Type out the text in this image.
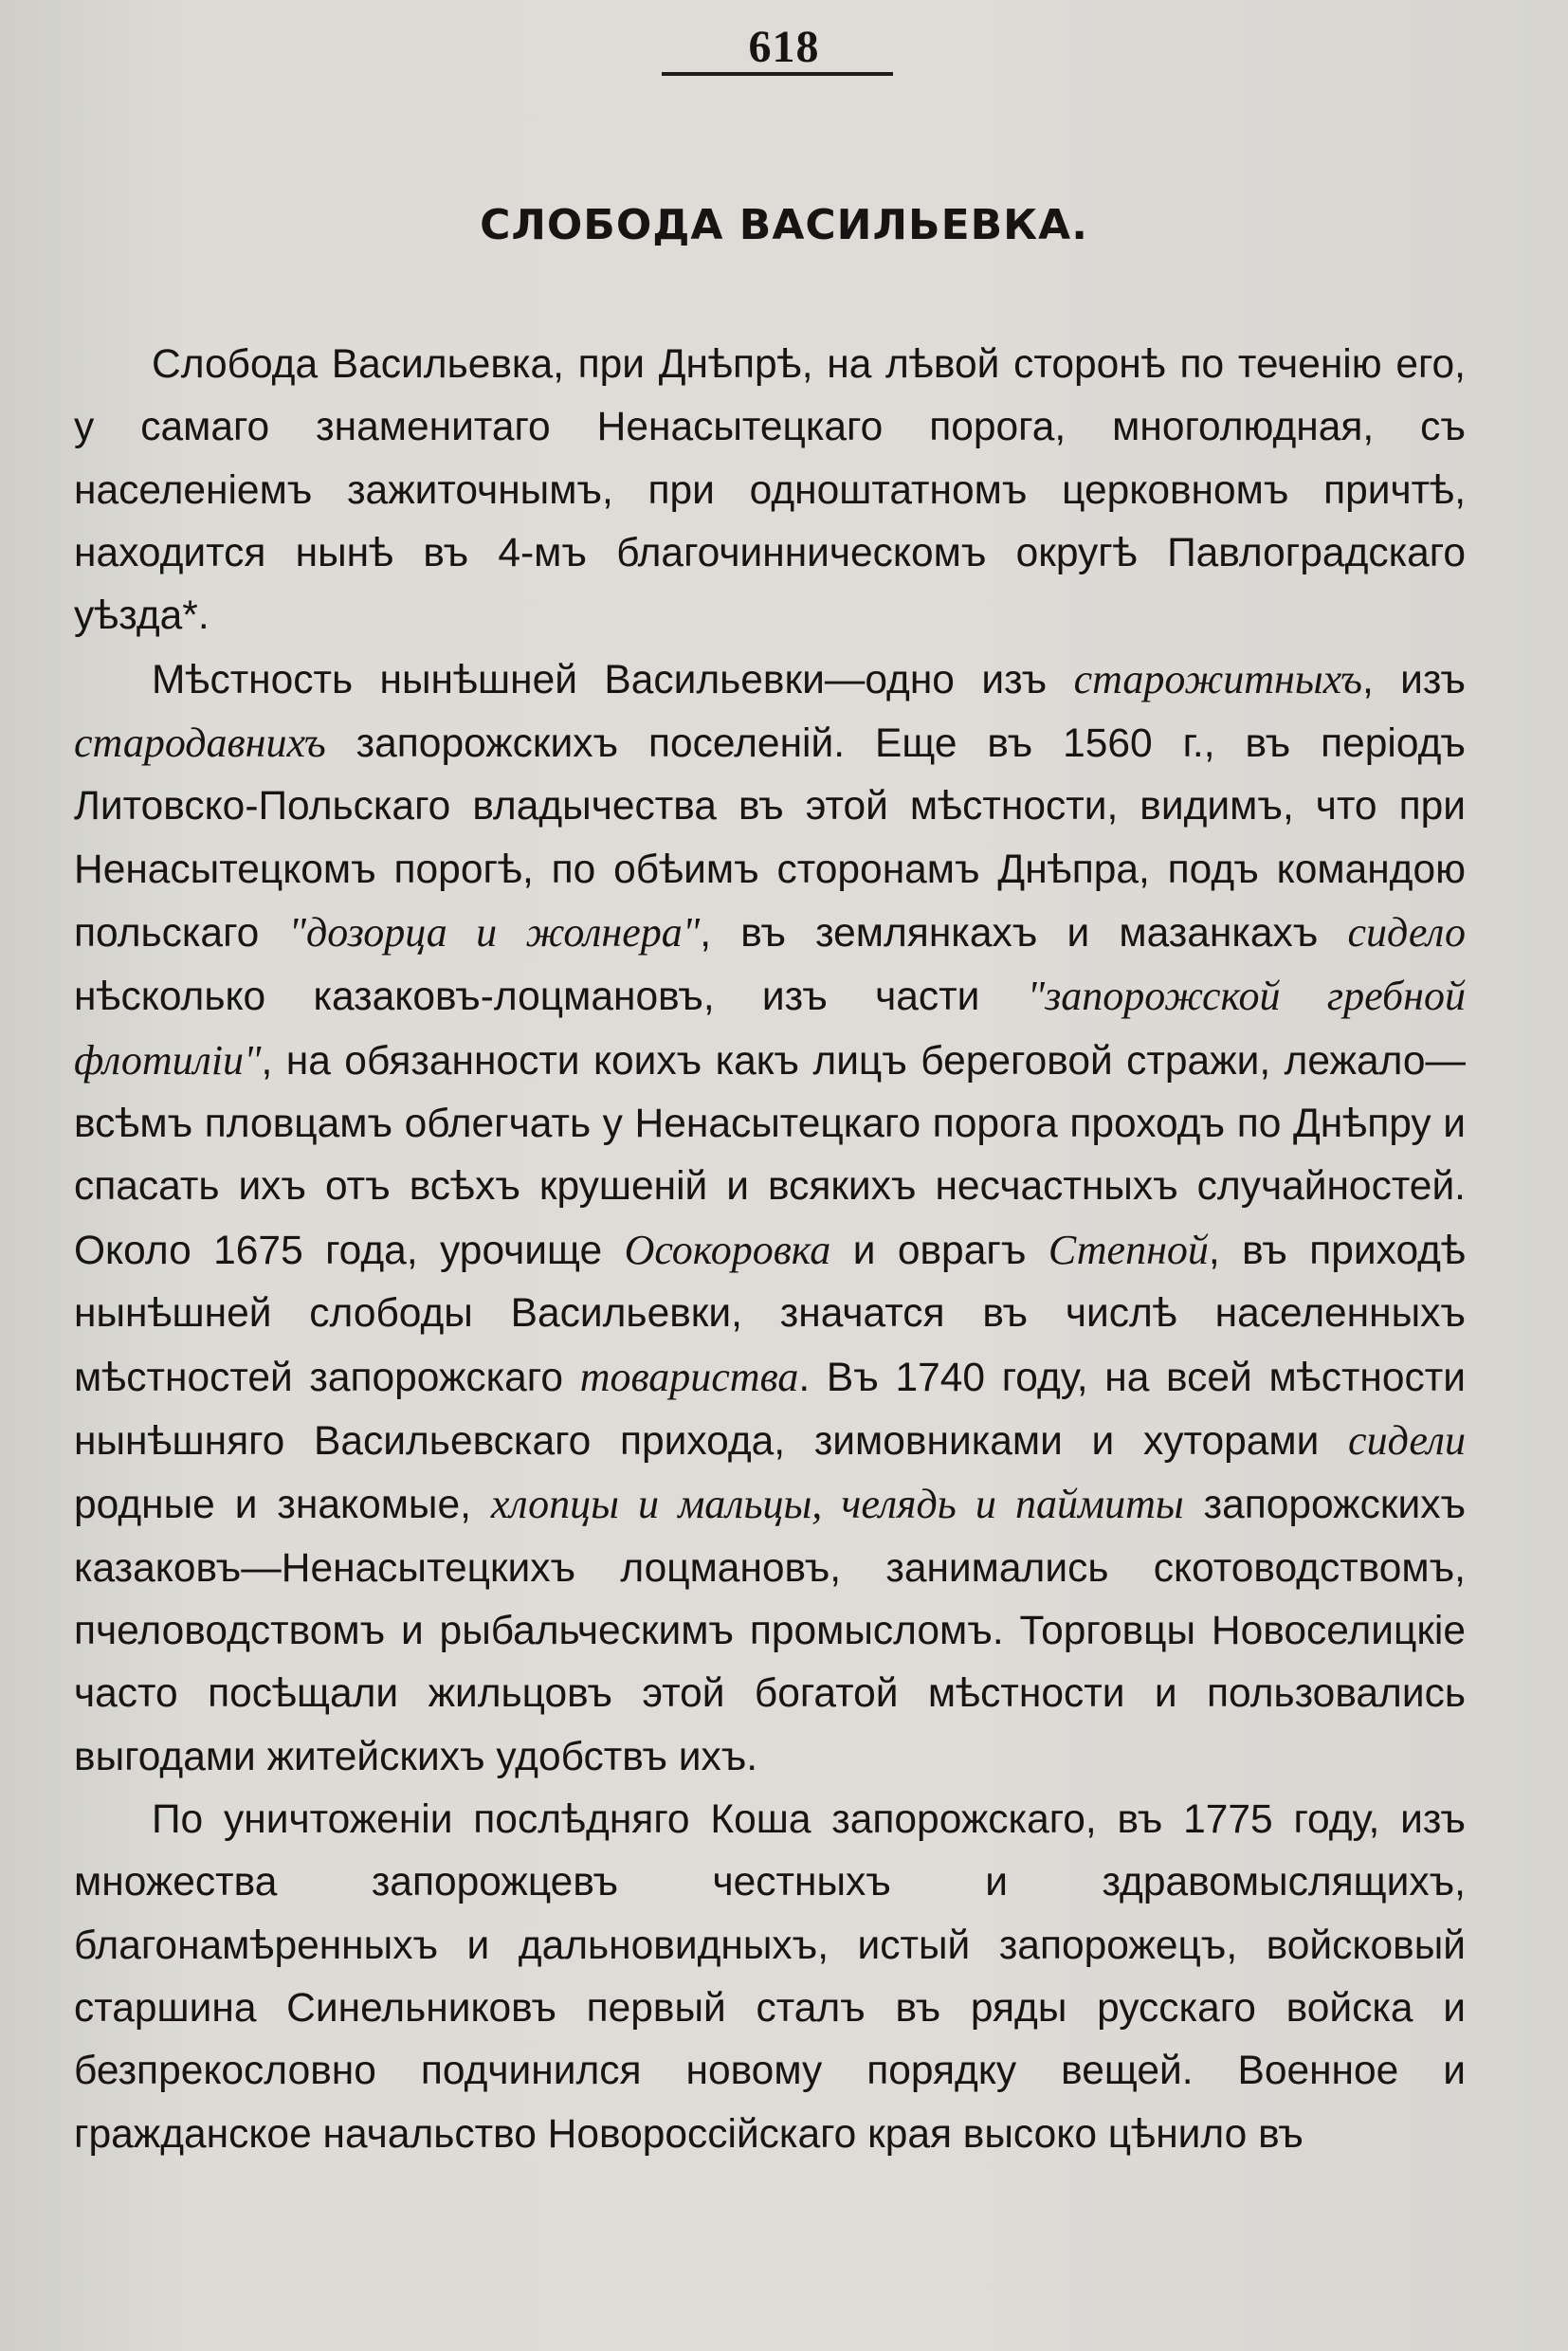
618

СЛОБОДА ВАСИЛЬЕВКА.

Слобода Васильевка, при Днѣпрѣ, на лѣвой сторонѣ по теченію его, у самаго знаменитаго Ненасытецкаго порога, многолюдная, съ населеніемъ зажиточнымъ, при одноштатномъ церковномъ причтѣ, находится нынѣ въ 4-мъ благочинническомъ округѣ Павлоградскаго уѣзда*.

Мѣстность нынѣшней Васильевки—одно изъ старожитныхъ, изъ стародавнихъ запорожскихъ поселеній. Еще въ 1560 г., въ періодъ Литовско-Польскаго владычества въ этой мѣстности, видимъ, что при Ненасытецкомъ порогѣ, по обѣимъ сторонамъ Днѣпра, подъ командою польскаго "дозорца и жолнера", въ землянкахъ и мазанкахъ сидело нѣсколько казаковъ-лоцмановъ, изъ части "запорожской гребной флотиліи", на обязанности коихъ какъ лицъ береговой стражи, лежало—всѣмъ пловцамъ облегчать у Ненасытецкаго порога проходъ по Днѣпру и спасать ихъ отъ всѣхъ крушеній и всякихъ несчастныхъ случайностей. Около 1675 года, урочище Осокоровка и оврагъ Степной, въ приходѣ нынѣшней слободы Васильевки, значатся въ числѣ населенныхъ мѣстностей запорожскаго товариства. Въ 1740 году, на всей мѣстности нынѣшняго Васильевскаго прихода, зимовниками и хуторами сидели родные и знакомые, хлопцы и мальцы, челядь и паймиты запорожскихъ казаковъ—Ненасытецкихъ лоцмановъ, занимались скотоводствомъ, пчеловодствомъ и рыбальческимъ промысломъ. Торговцы Новоселицкіе часто посѣщали жильцовъ этой богатой мѣстности и пользовались выгодами житейскихъ удобствъ ихъ.

По уничтоженіи послѣдняго Коша запорожскаго, въ 1775 году, изъ множества запорожцевъ честныхъ и здравомыслящихъ, благонамѣренныхъ и дальновидныхъ, истый запорожецъ, войсковый старшина Синельниковъ первый сталъ въ ряды русскаго войска и безпрекословно подчинился новому порядку вещей. Военное и гражданское начальство Новороссійскаго края высоко цѣнило въ
